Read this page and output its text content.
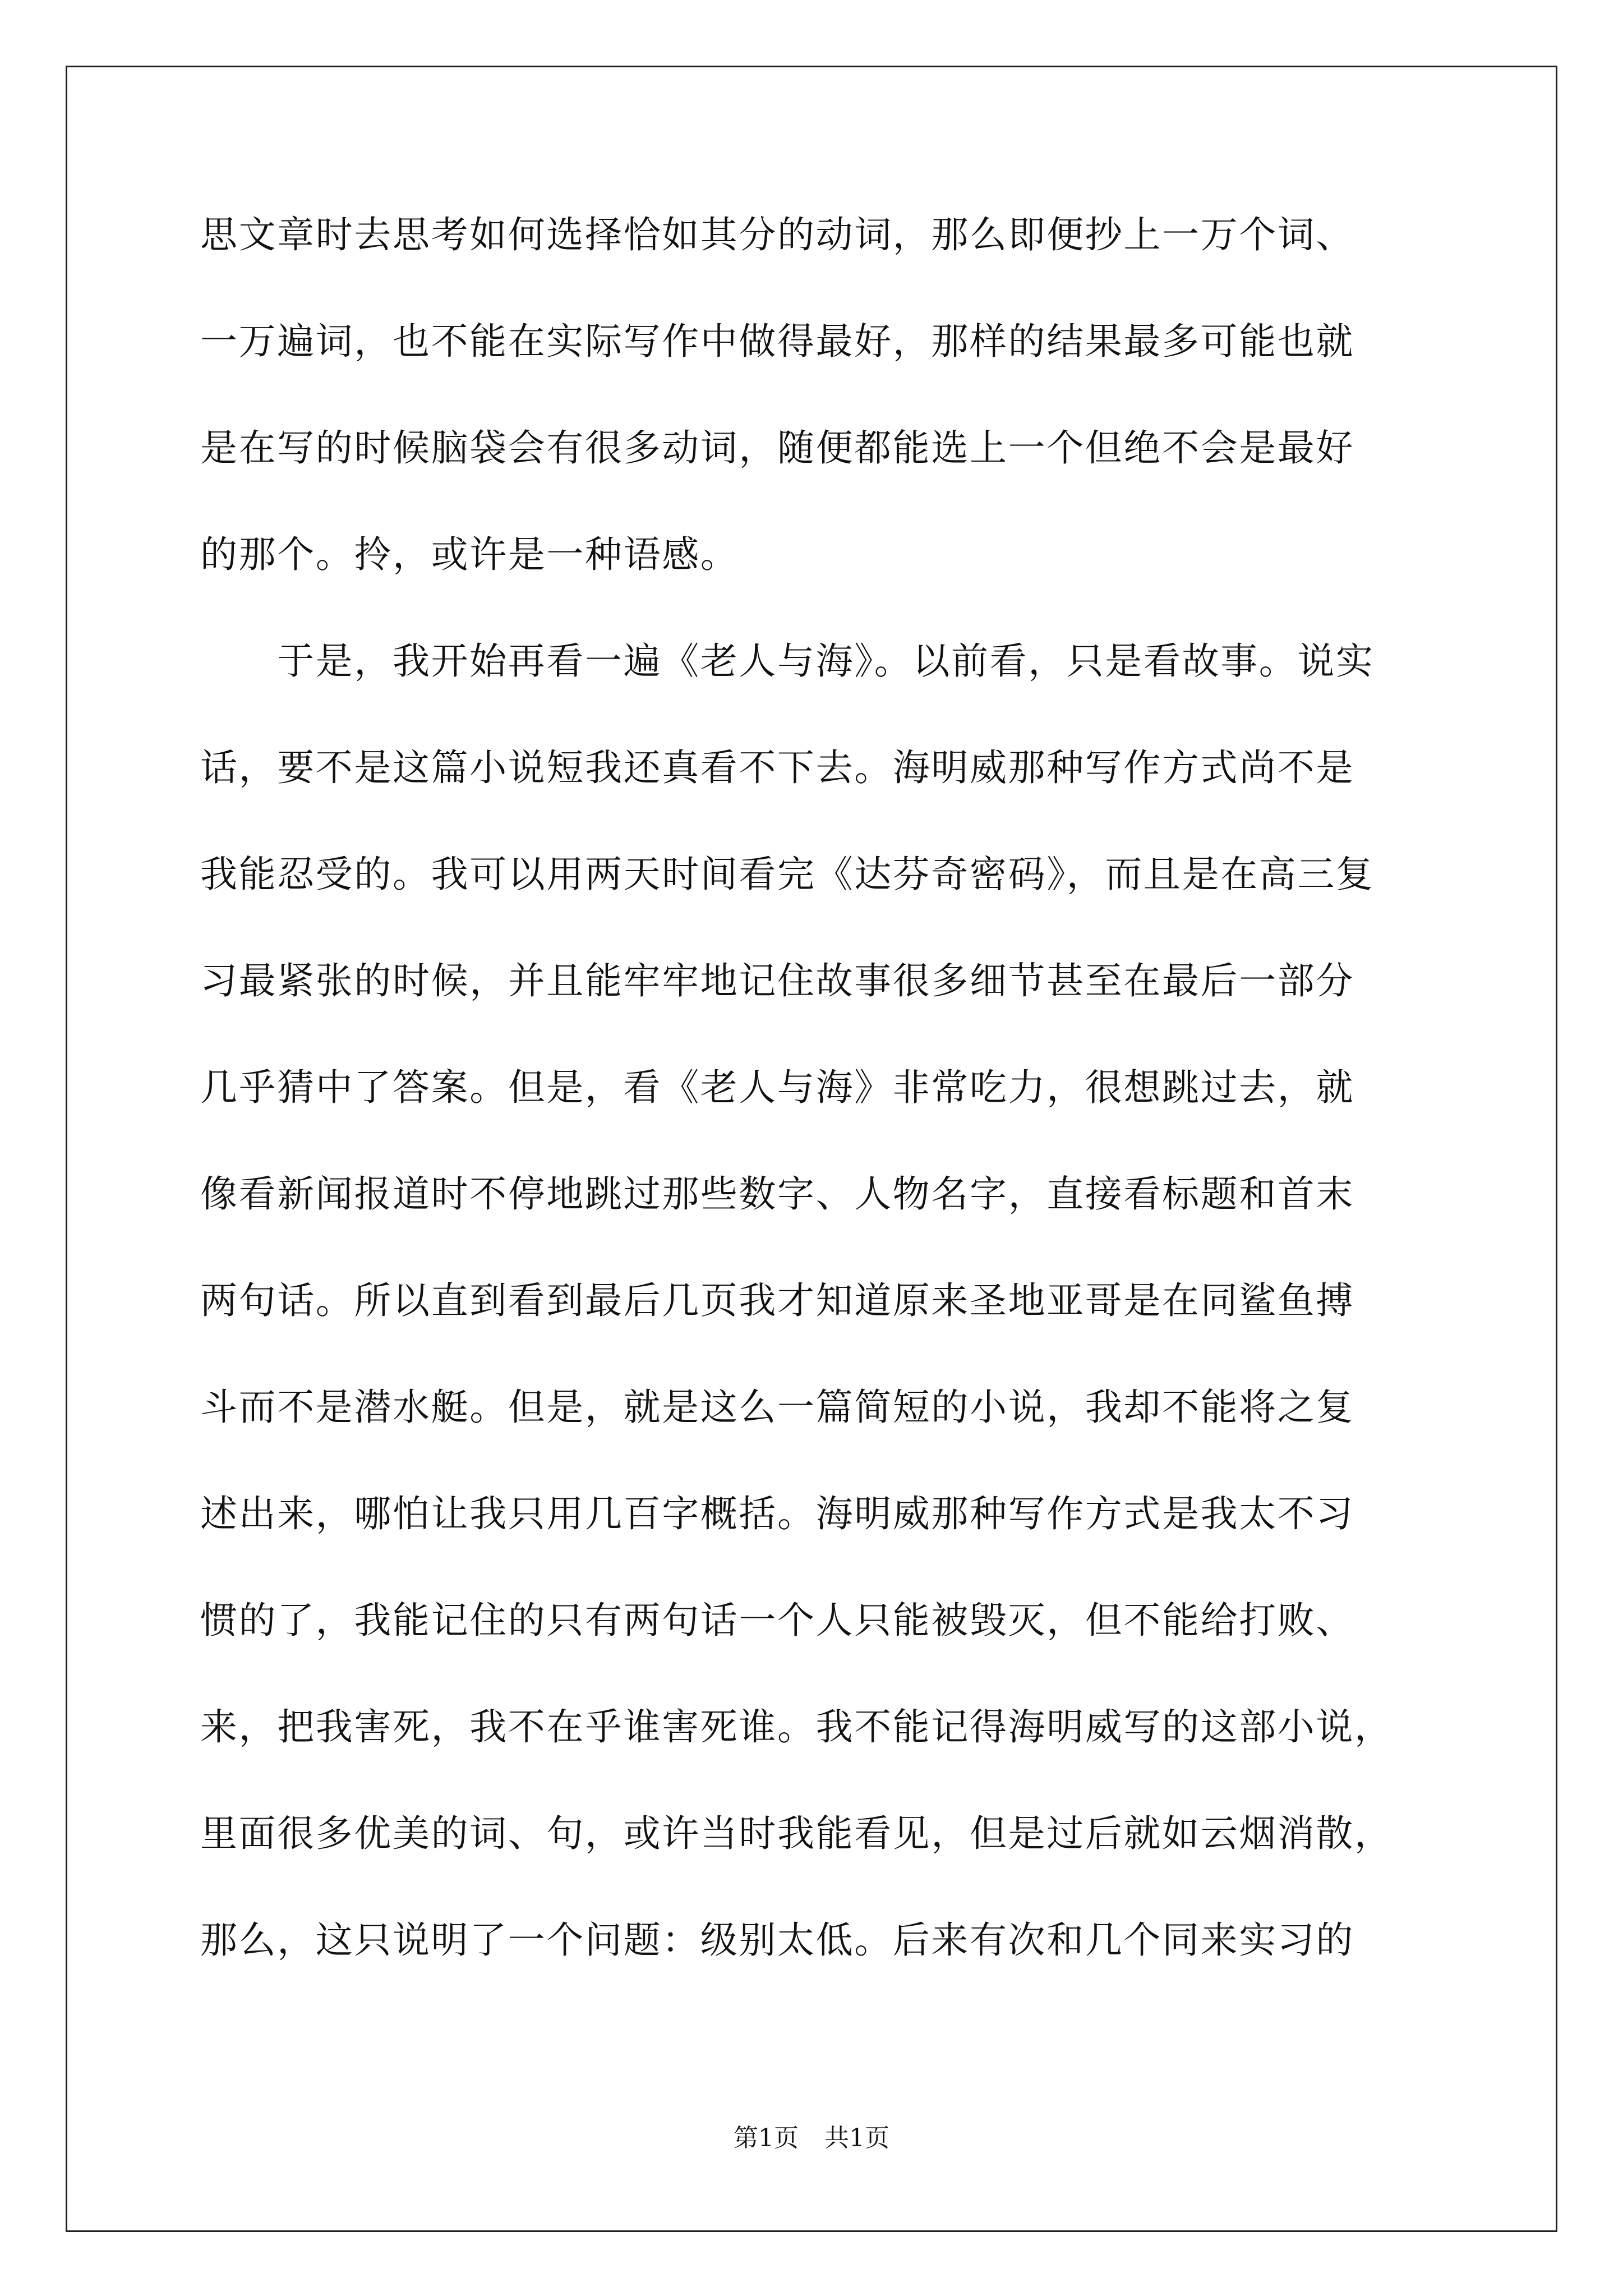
思文章时去思考如何选择恰如其分的动词，那么即便抄上一万个词、
一万遍词，也不能在实际写作中做得最好，那样的结果最多可能也就
是在写的时候脑袋会有很多动词，随便都能选上一个但绝不会是最好
的那个。拎，或许是一种语感。
　　于是，我开始再看一遍《老人与海》。以前看，只是看故事。说实
话，要不是这篇小说短我还真看不下去。海明威那种写作方式尚不是
我能忍受的。我可以用两天时间看完《达芬奇密码》，而且是在高三复
习最紧张的时候，并且能牢牢地记住故事很多细节甚至在最后一部分
几乎猜中了答案。但是，看《老人与海》非常吃力，很想跳过去，就
像看新闻报道时不停地跳过那些数字、人物名字，直接看标题和首末
两句话。所以直到看到最后几页我才知道原来圣地亚哥是在同鲨鱼搏
斗而不是潜水艇。但是，就是这么一篇简短的小说，我却不能将之复
述出来，哪怕让我只用几百字概括。海明威那种写作方式是我太不习
惯的了，我能记住的只有两句话一个人只能被毁灭，但不能给打败、
来，把我害死，我不在乎谁害死谁。我不能记得海明威写的这部小说，
里面很多优美的词、句，或许当时我能看见，但是过后就如云烟消散，
那么，这只说明了一个问题：级别太低。后来有次和几个同来实习的
第1页 共1页
